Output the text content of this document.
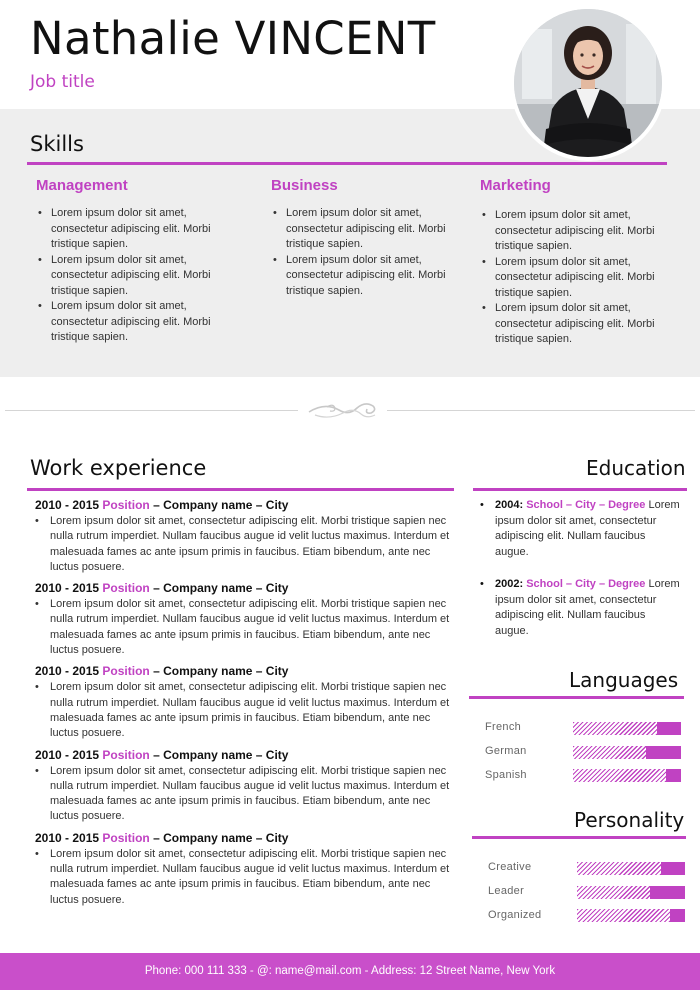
Nathalie VINCENT
Job title
Skills
Management
• Lorem ipsum dolor sit amet, consectetur adipiscing elit. Morbi tristique sapien.
• Lorem ipsum dolor sit amet, consectetur adipiscing elit. Morbi tristique sapien.
• Lorem ipsum dolor sit amet, consectetur adipiscing elit. Morbi tristique sapien.
Business
• Lorem ipsum dolor sit amet, consectetur adipiscing elit. Morbi tristique sapien.
• Lorem ipsum dolor sit amet, consectetur adipiscing elit. Morbi tristique sapien.
Marketing
• Lorem ipsum dolor sit amet, consectetur adipiscing elit. Morbi tristique sapien.
• Lorem ipsum dolor sit amet, consectetur adipiscing elit. Morbi tristique sapien.
• Lorem ipsum dolor sit amet, consectetur adipiscing elit. Morbi tristique sapien.
Work experience
2010 - 2015 Position – Company name – City
• Lorem ipsum dolor sit amet, consectetur adipiscing elit. Morbi tristique sapien nec nulla rutrum imperdiet. Nullam faucibus augue id velit luctus maximus. Interdum et malesuada fames ac ante ipsum primis in faucibus. Etiam bibendum, ante nec luctus posuere.
2010 - 2015 Position – Company name – City
• Lorem ipsum dolor sit amet, consectetur adipiscing elit. Morbi tristique sapien nec nulla rutrum imperdiet. Nullam faucibus augue id velit luctus maximus. Interdum et malesuada fames ac ante ipsum primis in faucibus. Etiam bibendum, ante nec luctus posuere.
2010 - 2015 Position – Company name – City
• Lorem ipsum dolor sit amet, consectetur adipiscing elit. Morbi tristique sapien nec nulla rutrum imperdiet. Nullam faucibus augue id velit luctus maximus. Interdum et malesuada fames ac ante ipsum primis in faucibus. Etiam bibendum, ante nec luctus posuere.
2010 - 2015 Position – Company name – City
• Lorem ipsum dolor sit amet, consectetur adipiscing elit. Morbi tristique sapien nec nulla rutrum imperdiet. Nullam faucibus augue id velit luctus maximus. Interdum et malesuada fames ac ante ipsum primis in faucibus. Etiam bibendum, ante nec luctus posuere.
2010 - 2015 Position – Company name – City
• Lorem ipsum dolor sit amet, consectetur adipiscing elit. Morbi tristique sapien nec nulla rutrum imperdiet. Nullam faucibus augue id velit luctus maximus. Interdum et malesuada fames ac ante ipsum primis in faucibus. Etiam bibendum, ante nec luctus posuere.
Education
• 2004: School – City – Degree Lorem ipsum dolor sit amet, consectetur adipiscing elit. Nullam faucibus augue.
• 2002: School – City – Degree Lorem ipsum dolor sit amet, consectetur adipiscing elit. Nullam faucibus augue.
Languages
French
German
Spanish
Personality
Creative
Leader
Organized
Phone: 000 111 333 - @: name@mail.com - Address: 12 Street Name, New York
